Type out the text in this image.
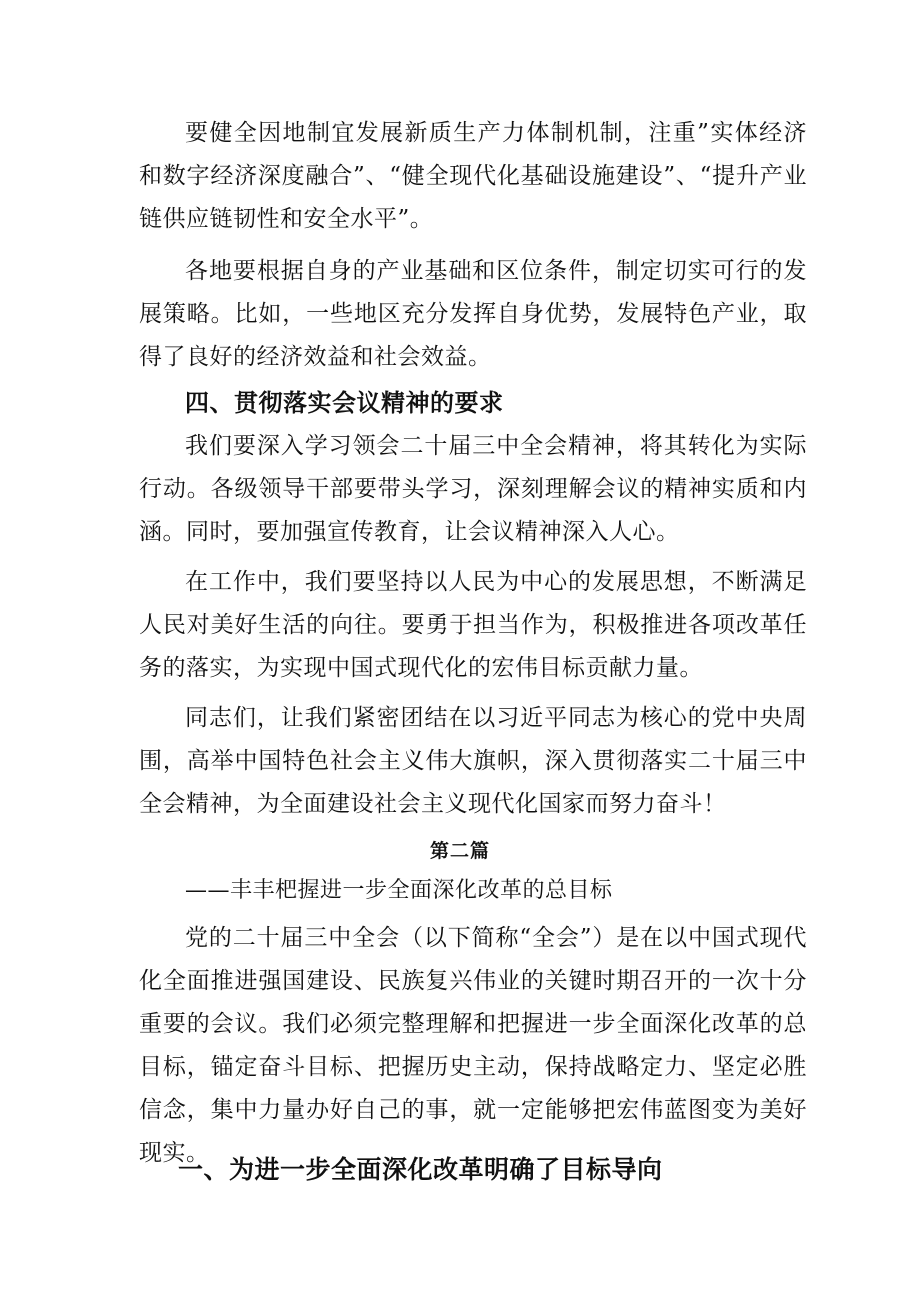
要健全因地制宜发展新质生产力体制机制，注重”实体经济和数字经济深度融合”、“健全现代化基础设施建设”、“提升产业链供应链韧性和安全水平”。

各地要根据自身的产业基础和区位条件，制定切实可行的发展策略。比如，一些地区充分发挥自身优势，发展特色产业，取得了良好的经济效益和社会效益。

四、贯彻落实会议精神的要求

我们要深入学习领会二十届三中全会精神，将其转化为实际行动。各级领导干部要带头学习，深刻理解会议的精神实质和内涵。同时，要加强宣传教育，让会议精神深入人心。

在工作中，我们要坚持以人民为中心的发展思想，不断满足人民对美好生活的向往。要勇于担当作为，积极推进各项改革任务的落实，为实现中国式现代化的宏伟目标贡献力量。

同志们，让我们紧密团结在以习近平同志为核心的党中央周围，高举中国特色社会主义伟大旗帜，深入贯彻落实二十届三中全会精神，为全面建设社会主义现代化国家而努力奋斗！

第二篇

——丰丰杷握进一步全面深化改革的总目标

党的二十届三中全会（以下简称“全会”）是在以中国式现代化全面推进强国建设、民族复兴伟业的关键时期召开的一次十分重要的会议。我们必须完整理解和把握进一步全面深化改革的总目标，锚定奋斗目标、把握历史主动，保持战略定力、坚定必胜信念，集中力量办好自己的事，就一定能够把宏伟蓝图变为美好现实。

一、为进一步全面深化改革明确了目标导向
